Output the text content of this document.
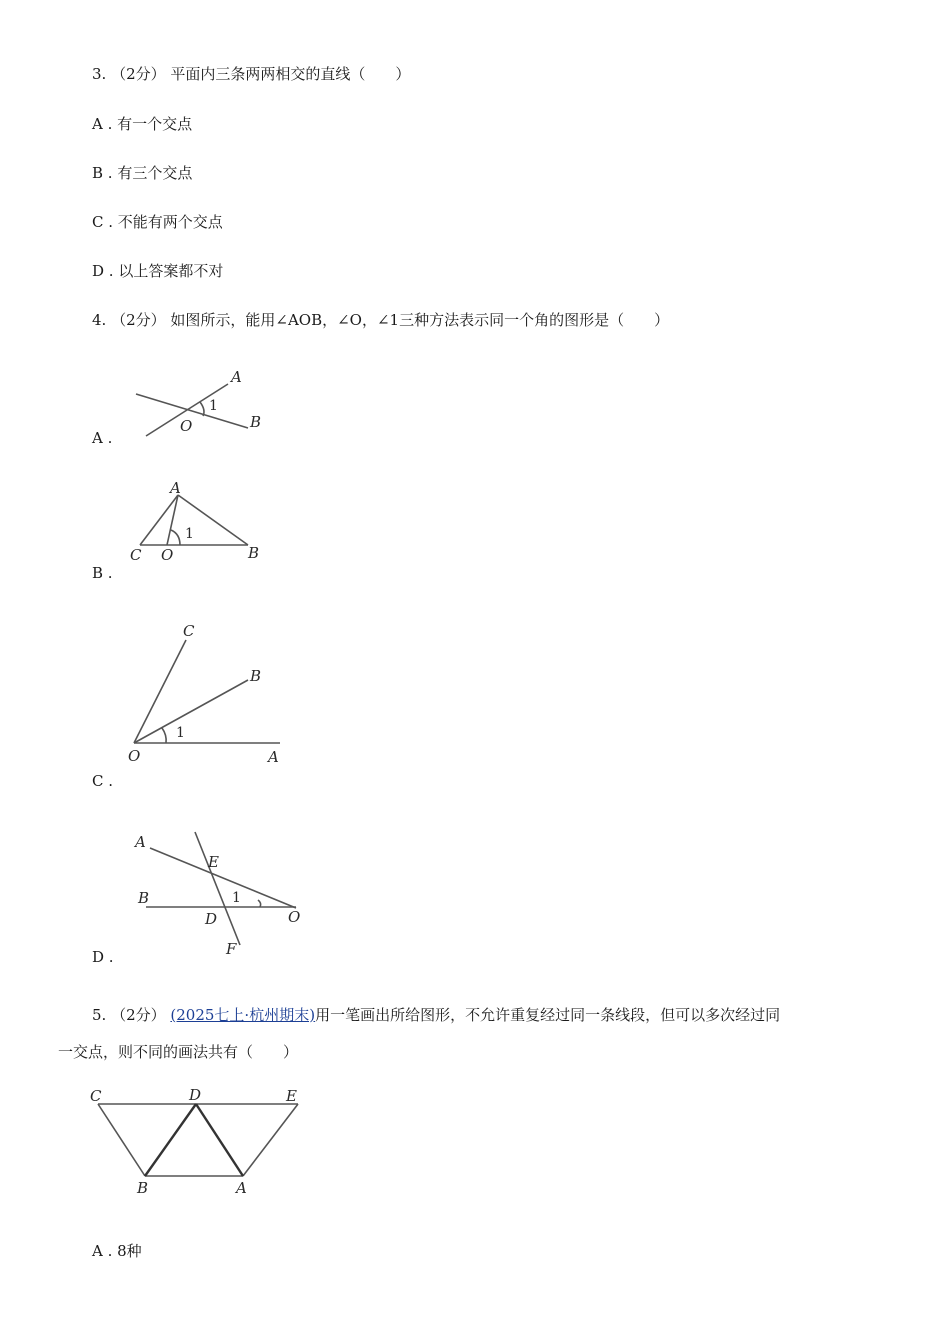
3. （2分） 平面内三条两两相交的直线（　　）
A . 有一个交点
B . 有三个交点
C . 不能有两个交点
D . 以上答案都不对
4. （2分） 如图所示，能用∠AOB，∠O，∠1三种方法表示同一个角的图形是（　　）
A
1
O	B
A .
A
1
C O	B
B .
C
B
1
O	A
C .
A
E
B	1
D	O
F
D .
5. （2分） (2025七上·杭州期末)用一笔画出所给图形，不允许重复经过同一条线段，但可以多次经过同
一交点，则不同的画法共有（　　）
C	D	E
B	A
A . 8种
